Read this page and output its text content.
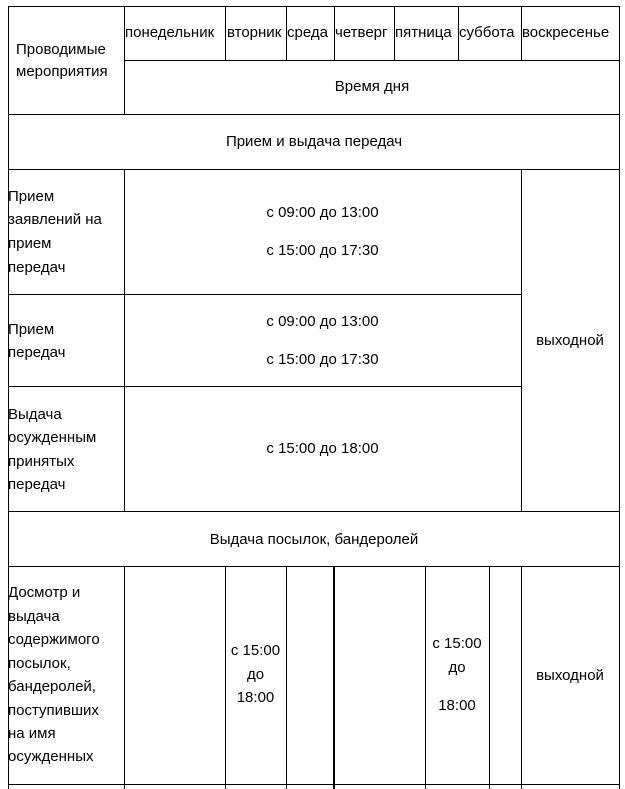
Проводимые
мероприятия
понедельник вторник среда четверг пятница суббота воскресенье
Время дня
Прием и выдача передач
Прием
заявлений на
прием
передач
с 09:00 до 13:00
с 15:00 до 17:30
Прием
передач
с 09:00 до 13:00
с 15:00 до 17:30
Выдача
осужденным
принятых
передач
с 15:00 до 18:00
выходной
Выдача посылок, бандеролей
Досмотр и
выдача
содержимого
посылок,
бандеролей,
поступивших
на имя
осужденных
с 15:00
до
18:00
с 15:00
до
18:00
выходной
